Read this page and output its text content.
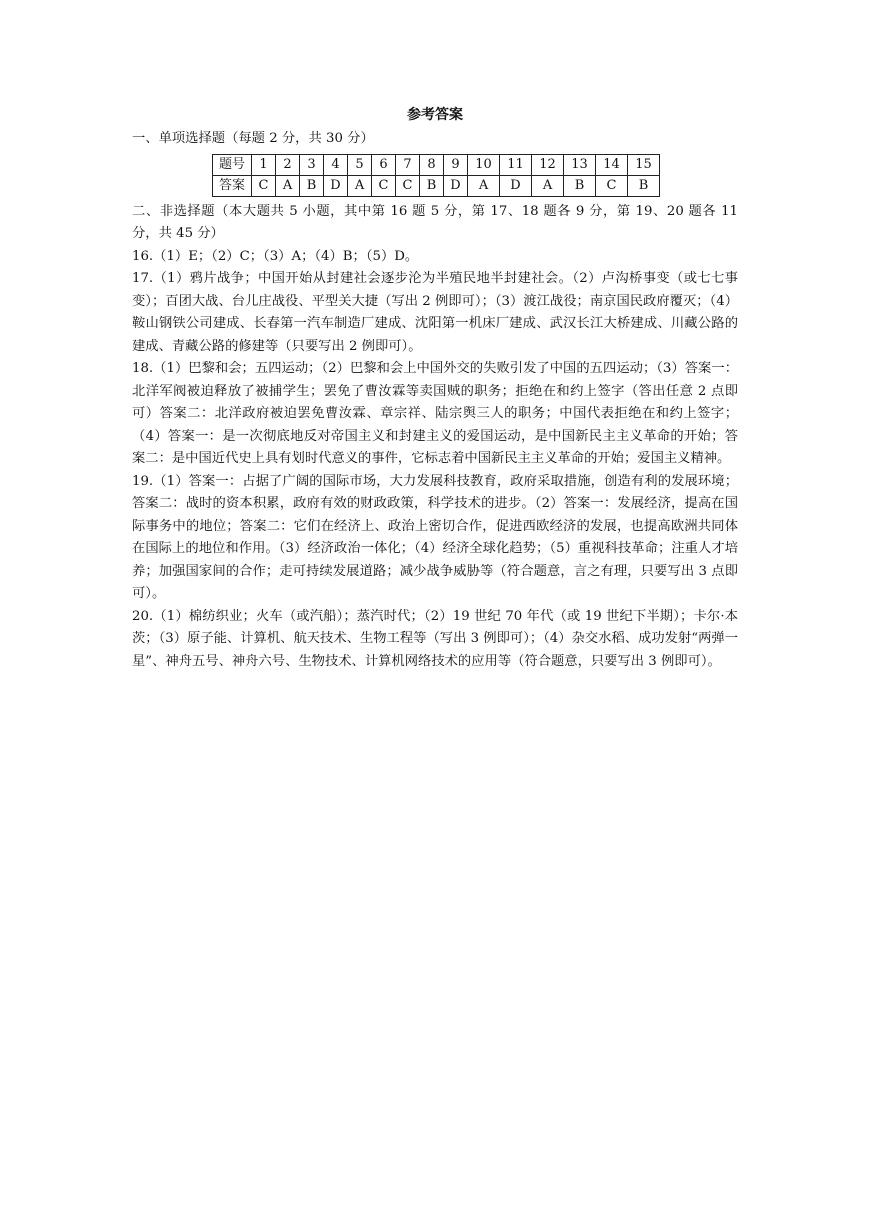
参考答案
一、单项选择题（每题 2 分，共 30 分）
题号	1	2	3	4	5	6	7	8	9	10	11	12	13	14	15
答案	C	A	B	D	A	C	C	B	D	A	D	A	B	C	B
二、非选择题（本大题共 5 小题，其中第 16 题 5 分，第 17、18 题各 9 分，第 19、20 题各 11 分，共 45 分）
16.（1）E；（2）C；（3）A；（4）B；（5）D。
17.（1）鸦片战争；中国开始从封建社会逐步沦为半殖民地半封建社会。（2）卢沟桥事变（或七七事变）；百团大战、台儿庄战役、平型关大捷（写出 2 例即可）；（3）渡江战役；南京国民政府覆灭；（4）鞍山钢铁公司建成、长春第一汽车制造厂建成、沈阳第一机床厂建成、武汉长江大桥建成、川藏公路的建成、青藏公路的修建等（只要写出 2 例即可）。
18.（1）巴黎和会；五四运动；（2）巴黎和会上中国外交的失败引发了中国的五四运动；（3）答案一：北洋军阀被迫释放了被捕学生；罢免了曹汝霖等卖国贼的职务；拒绝在和约上签字（答出任意 2 点即可）答案二：北洋政府被迫罢免曹汝霖、章宗祥、陆宗舆三人的职务；中国代表拒绝在和约上签字；（4）答案一：是一次彻底地反对帝国主义和封建主义的爱国运动，是中国新民主主义革命的开始；答案二：是中国近代史上具有划时代意义的事件，它标志着中国新民主主义革命的开始；爱国主义精神。
19.（1）答案一：占据了广阔的国际市场，大力发展科技教育，政府采取措施，创造有利的发展环境；答案二：战时的资本积累，政府有效的财政政策，科学技术的进步。（2）答案一：发展经济，提高在国际事务中的地位；答案二：它们在经济上、政治上密切合作，促进西欧经济的发展，也提高欧洲共同体在国际上的地位和作用。（3）经济政治一体化；（4）经济全球化趋势；（5）重视科技革命；注重人才培养；加强国家间的合作；走可持续发展道路；减少战争威胁等（符合题意，言之有理，只要写出 3 点即可）。
20.（1）棉纺织业；火车（或汽船）；蒸汽时代；（2）19 世纪 70 年代（或 19 世纪下半期）；卡尔·本茨；（3）原子能、计算机、航天技术、生物工程等（写出 3 例即可）；（4）杂交水稻、成功发射“两弹一星”、神舟五号、神舟六号、生物技术、计算机网络技术的应用等（符合题意，只要写出 3 例即可）。
